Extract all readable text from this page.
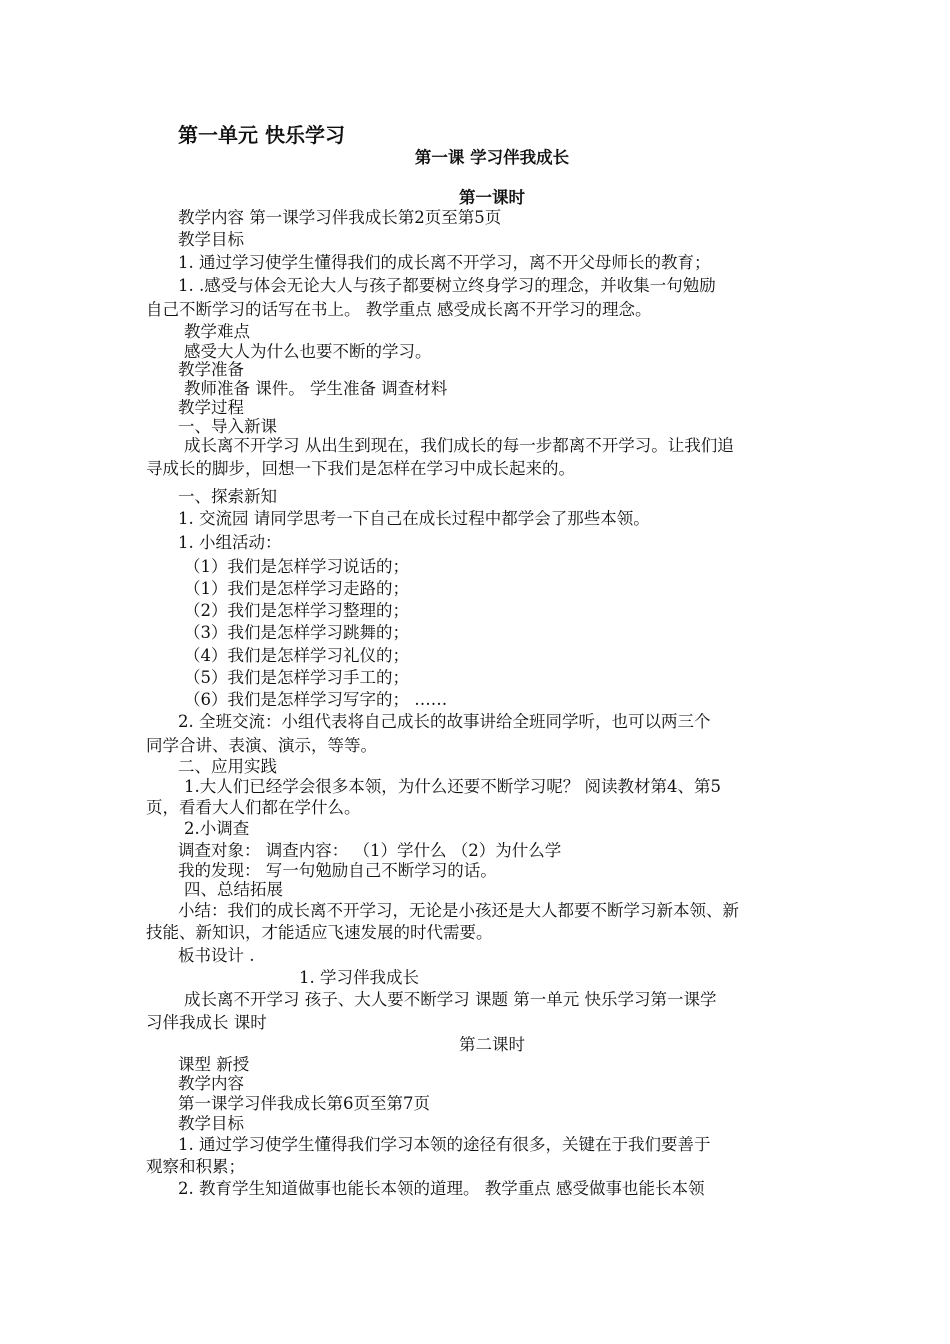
第一单元 快乐学习
第一课 学习伴我成长
第一课时
教学内容 第一课学习伴我成长第2页至第5页
教学目标
1. 通过学习使学生懂得我们的成长离不开学习，离不开父母师长的教育；
1. .感受与体会无论大人与孩子都要树立终身学习的理念，并收集一句勉励
自己不断学习的话写在书上。 教学重点 感受成长离不开学习的理念。
教学难点
感受大人为什么也要不断的学习。
教学准备
教师准备 课件。 学生准备 调查材料
教学过程
一、导入新课
成长离不开学习 从出生到现在，我们成长的每一步都离不开学习。让我们追
寻成长的脚步，回想一下我们是怎样在学习中成长起来的。
一、探索新知
1. 交流园 请同学思考一下自己在成长过程中都学会了那些本领。
1. 小组活动：
（1）我们是怎样学习说话的；
（1）我们是怎样学习走路的；
（2）我们是怎样学习整理的；
（3）我们是怎样学习跳舞的；
（4）我们是怎样学习礼仪的；
（5）我们是怎样学习手工的；
（6）我们是怎样学习写字的； ……
2. 全班交流：小组代表将自己成长的故事讲给全班同学听，也可以两三个
同学合讲、表演、演示，等等。
二、应用实践
1.大人们已经学会很多本领，为什么还要不断学习呢？ 阅读教材第4、第5
页，看看大人们都在学什么。
2.小调查
调查对象： 调查内容： （1）学什么 （2）为什么学
我的发现： 写一句勉励自己不断学习的话。
四、总结拓展
小结：我们的成长离不开学习，无论是小孩还是大人都要不断学习新本领、新
技能、新知识，才能适应飞速发展的时代需要。
板书设计 .
1. 学习伴我成长
成长离不开学习 孩子、大人要不断学习 课题 第一单元 快乐学习第一课学
习伴我成长 课时
第二课时
课型 新授
教学内容
第一课学习伴我成长第6页至第7页
教学目标
1. 通过学习使学生懂得我们学习本领的途径有很多，关键在于我们要善于
观察和积累；
2. 教育学生知道做事也能长本领的道理。 教学重点 感受做事也能长本领
